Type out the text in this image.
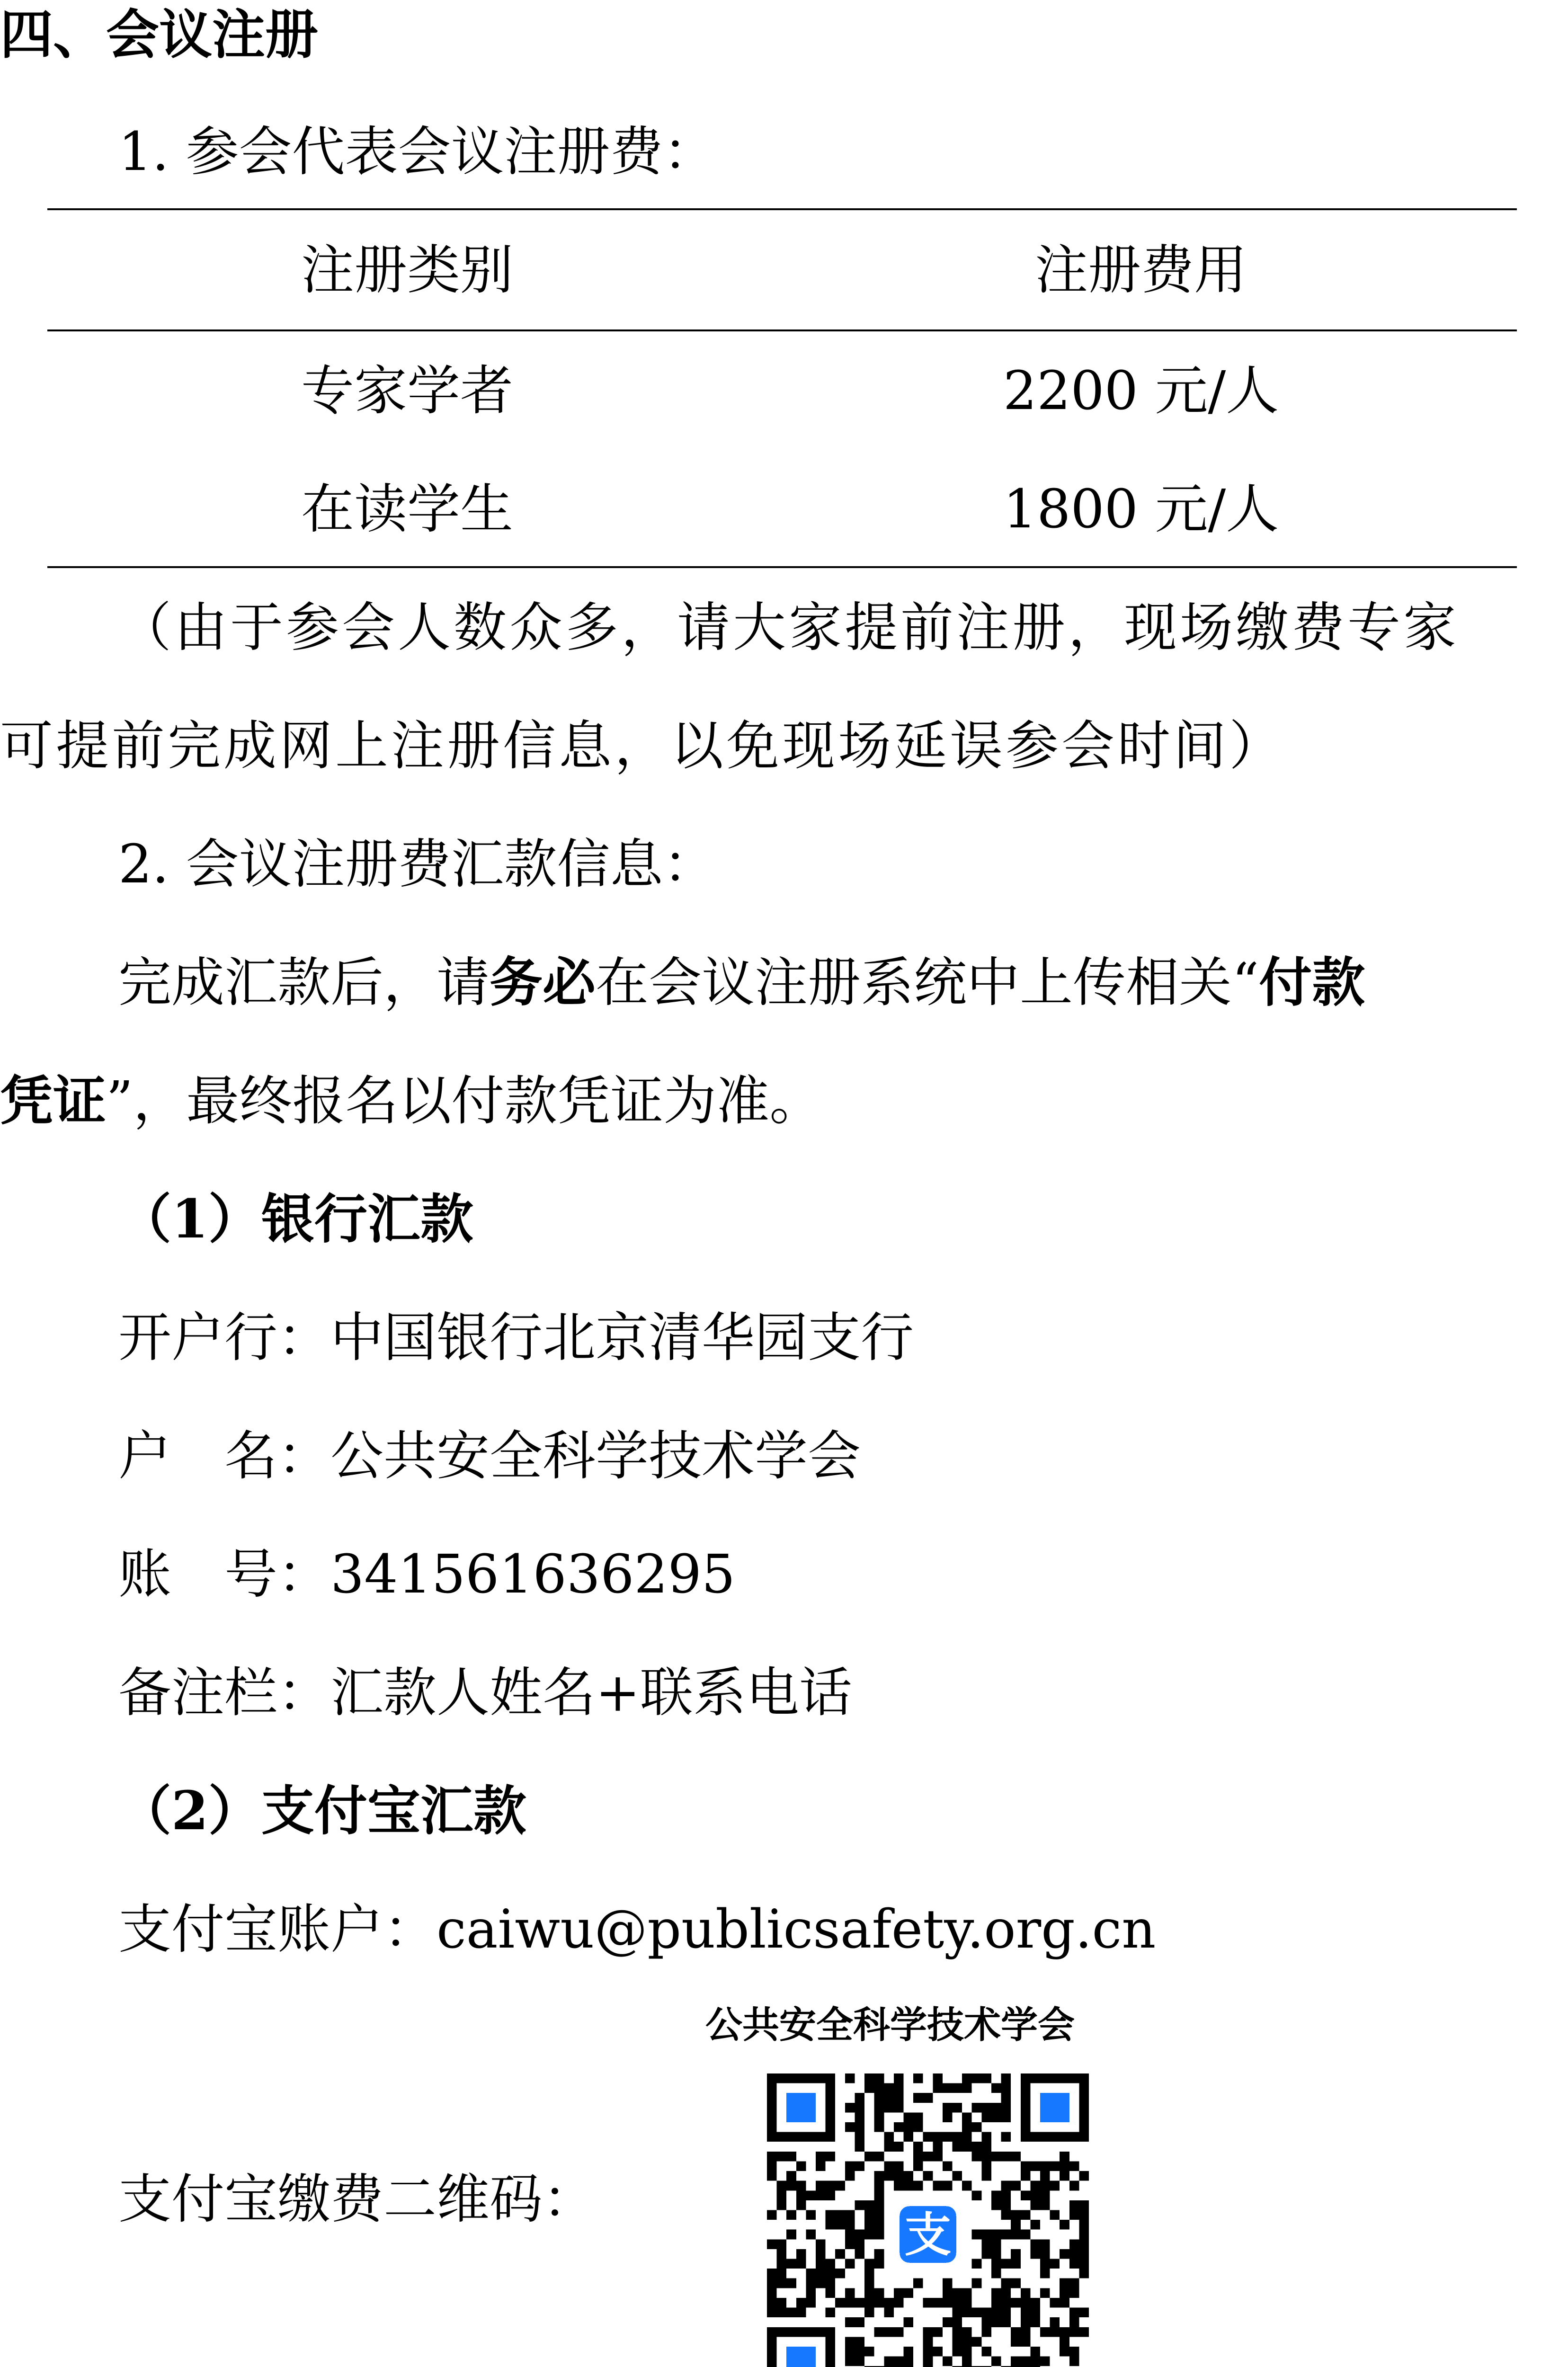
四、会议注册
1. 参会代表会议注册费：
注册类别	注册费用
专家学者	2200 元/人
在读学生	1800 元/人
（由于参会人数众多，请大家提前注册，现场缴费专家
可提前完成网上注册信息，以免现场延误参会时间）
2. 会议注册费汇款信息：
完成汇款后，请务必在会议注册系统中上传相关“付款
凭证”，最终报名以付款凭证为准。
（1）银行汇款
开户行：中国银行北京清华园支行
户　名：公共安全科学技术学会
账　号：341561636295
备注栏：汇款人姓名+联系电话
（2）支付宝汇款
支付宝账户：caiwu@publicsafety.org.cn
公共安全科学技术学会
支付宝缴费二维码：
支
